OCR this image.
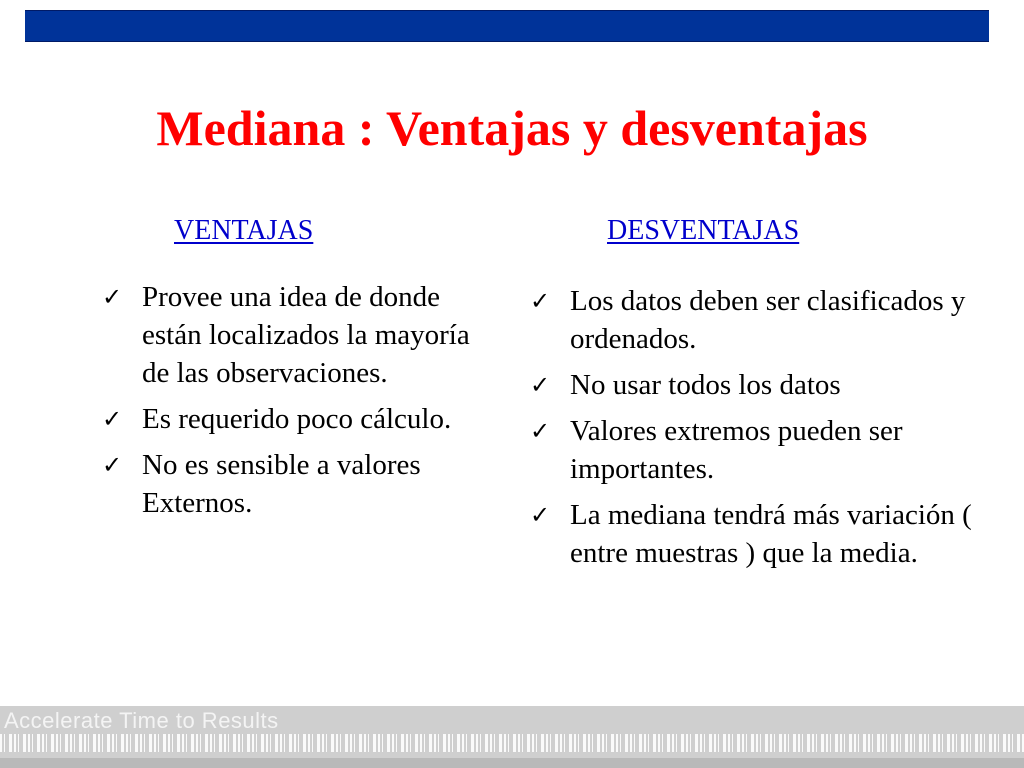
Mediana : Ventajas y desventajas
VENTAJAS	DESVENTAJAS
✓ Provee una idea de donde están localizados la mayoría de las observaciones.
✓ Es requerido poco cálculo.
✓ No es sensible a valores Externos.
✓ Los datos deben ser clasificados y ordenados.
✓ No usar todos los datos
✓ Valores extremos pueden ser importantes.
✓ La mediana tendrá más variación ( entre muestras ) que la media.
Accelerate Time to Results
